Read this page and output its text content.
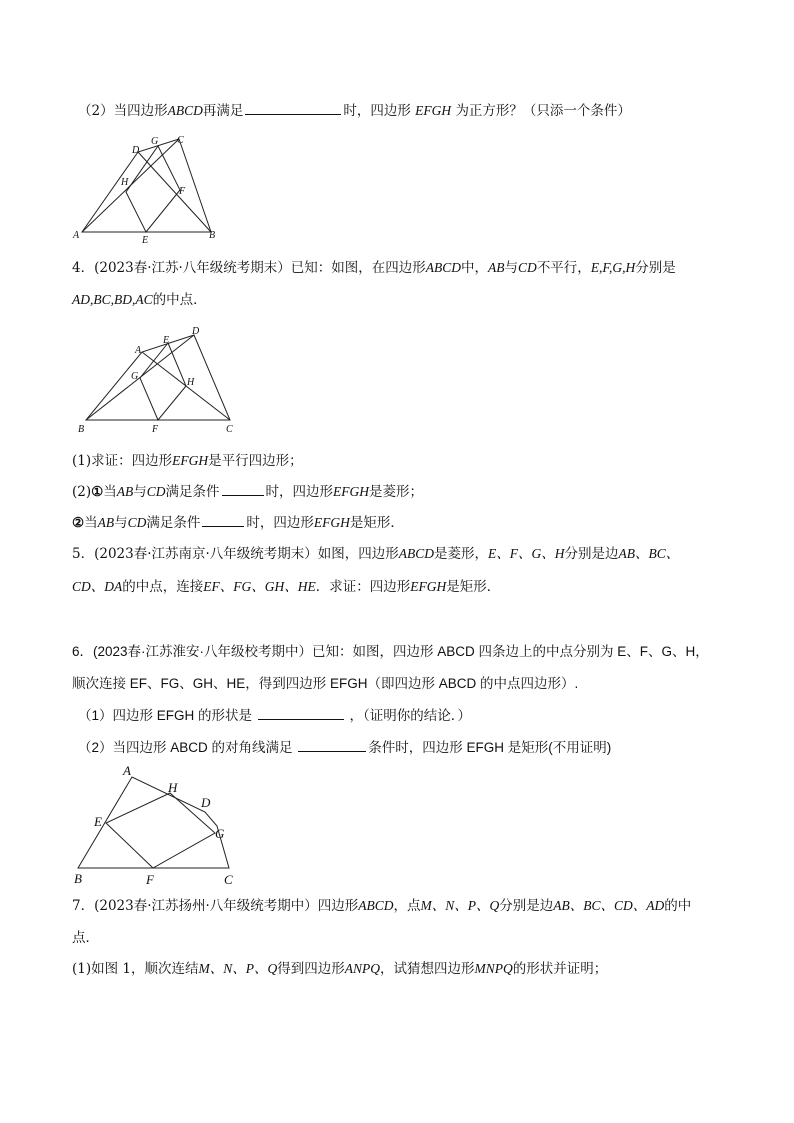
（2）当四边形ABCD再满足	时，四边形 EFGH 为正方形？（只添一个条件）
A	B
C
D
E
F
G
H
4．(2023春·江苏·八年级统考期末）已知：如图，在四边形ABCD中，AB与CD不平行，E,F,G,H分别是
AD,BC,BD,AC的中点．
A
B	C
D
E
F
G
H
(1)求证：四边形EFGH是平行四边形；
(2)①当AB与CD满足条件	时，四边形EFGH是菱形；
②当AB与CD满足条件	时，四边形EFGH是矩形．
5．(2023春·江苏南京·八年级统考期末）如图，四边形ABCD是菱形，E、F、G、H分别是边AB、BC、
CD、DA的中点，连接EF、FG、GH、HE．求证：四边形EFGH是矩形．
6．(2023春·江苏淮安·八年级校考期中）已知：如图，四边形 ABCD 四条边上的中点分别为 E、F、G、H，
顺次连接 EF、FG、GH、HE，得到四边形 EFGH（即四边形 ABCD 的中点四边形）.
（1）四边形 EFGH 的形状是	，（证明你的结论．）
（2）当四边形 ABCD 的对角线满足	条件时，四边形 EFGH 是矩形(不用证明)
A
B	C
D
E
F
G
H
7．(2023春·江苏扬州·八年级统考期中）四边形ABCD，点M、N、P、Q分别是边AB、BC、CD、AD的中
点．
(1)如图 1，顺次连结M、N、P、Q得到四边形ANPQ，试猜想四边形MNPQ的形状并证明；
